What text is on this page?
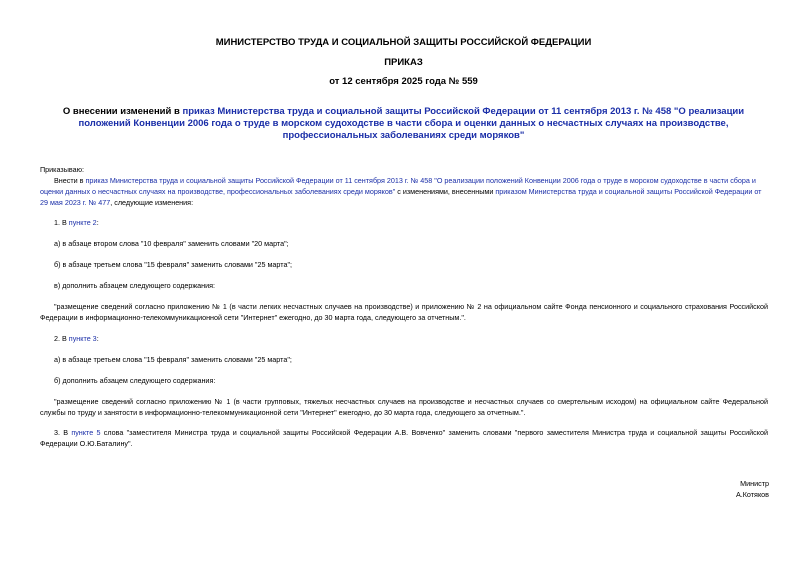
МИНИСТЕРСТВО ТРУДА И СОЦИАЛЬНОЙ ЗАЩИТЫ РОССИЙСКОЙ ФЕДЕРАЦИИ
ПРИКАЗ
от 12 сентября 2025 года № 559
О внесении изменений в приказ Министерства труда и социальной защиты Российской Федерации от 11 сентября 2013 г. № 458 "О реализации положений Конвенции 2006 года о труде в морском судоходстве в части сбора и оценки данных о несчастных случаях на производстве, профессиональных заболеваниях среди моряков"
Приказываю:
Внести в приказ Министерства труда и социальной защиты Российской Федерации от 11 сентября 2013 г. № 458 "О реализации положений Конвенции 2006 года о труде в морском судоходстве в части сбора и оценки данных о несчастных случаях на производстве, профессиональных заболеваниях среди моряков" с изменениями, внесенными приказом Министерства труда и социальной защиты Российской Федерации от 29 мая 2023 г. № 477, следующие изменения:
1. В пункте 2:
а) в абзаце втором слова "10 февраля" заменить словами "20 марта";
б) в абзаце третьем слова "15 февраля" заменить словами "25 марта";
в) дополнить абзацем следующего содержания:
"размещение сведений согласно приложению № 1 (в части легких несчастных случаев на производстве) и приложению № 2 на официальном сайте Фонда пенсионного и социального страхования Российской Федерации в информационно-телекоммуникационной сети "Интернет" ежегодно, до 30 марта года, следующего за отчетным.".
2. В пункте 3:
а) в абзаце третьем слова "15 февраля" заменить словами "25 марта";
б) дополнить абзацем следующего содержания:
"размещение сведений согласно приложению № 1 (в части групповых, тяжелых несчастных случаев на производстве и несчастных случаев со смертельным исходом) на официальном сайте Федеральной службы по труду и занятости в информационно-телекоммуникационной сети "Интернет" ежегодно, до 30 марта года, следующего за отчетным.".
3. В пункте 5 слова "заместителя Министра труда и социальной защиты Российской Федерации А.В. Вовченко" заменить словами "первого заместителя Министра труда и социальной защиты Российской Федерации О.Ю.Баталину".
Министр
А.Котяков
